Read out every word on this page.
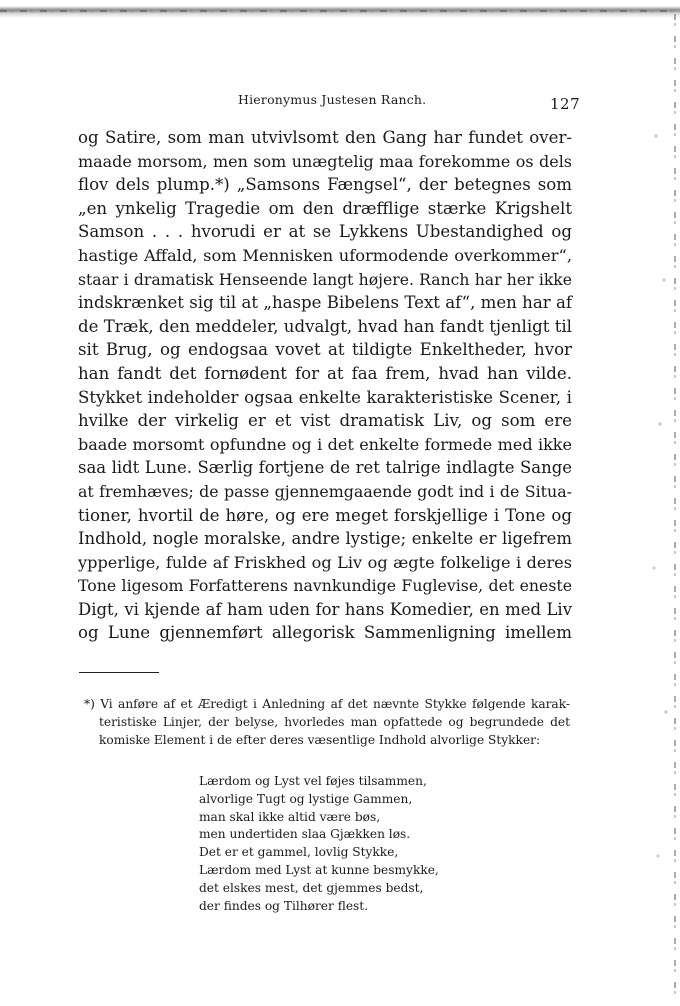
Hieronymus Justesen Ranch.	127
og Satire, som man utvivlsomt den Gang har fundet over-
maade morsom, men som unægtelig maa forekomme os dels
flov dels plump.*) „Samsons Fængsel“, der betegnes som
„en ynkelig Tragedie om den dræfflige stærke Krigshelt
Samson . . . hvorudi er at se Lykkens Ubestandighed og
hastige Affald, som Mennisken uformodende overkommer“,
staar i dramatisk Henseende langt højere. Ranch har her ikke
indskrænket sig til at „haspe Bibelens Text af“, men har af
de Træk, den meddeler, udvalgt, hvad han fandt tjenligt til
sit Brug, og endogsaa vovet at tildigte Enkeltheder, hvor
han fandt det fornødent for at faa frem, hvad han vilde.
Stykket indeholder ogsaa enkelte karakteristiske Scener, i
hvilke der virkelig er et vist dramatisk Liv, og som ere
baade morsomt opfundne og i det enkelte formede med ikke
saa lidt Lune. Særlig fortjene de ret talrige indlagte Sange
at fremhæves; de passe gjennemgaaende godt ind i de Situa-
tioner, hvortil de høre, og ere meget forskjellige i Tone og
Indhold, nogle moralske, andre lystige; enkelte er ligefrem
ypperlige, fulde af Friskhed og Liv og ægte folkelige i deres
Tone ligesom Forfatterens navnkundige Fuglevise, det eneste
Digt, vi kjende af ham uden for hans Komedier, en med Liv
og Lune gjennemført allegorisk Sammenligning imellem
*) Vi anføre af et Æredigt i Anledning af det nævnte Stykke følgende karak-
teristiske Linjer, der belyse, hvorledes man opfattede og begrundede det
komiske Element i de efter deres væsentlige Indhold alvorlige Stykker:
Lærdom og Lyst vel føjes tilsammen,
alvorlige Tugt og lystige Gammen,
man skal ikke altid være bøs,
men undertiden slaa Gjækken løs.
Det er et gammel, lovlig Stykke,
Lærdom med Lyst at kunne besmykke,
det elskes mest, det gjemmes bedst,
der findes og Tilhører flest.
